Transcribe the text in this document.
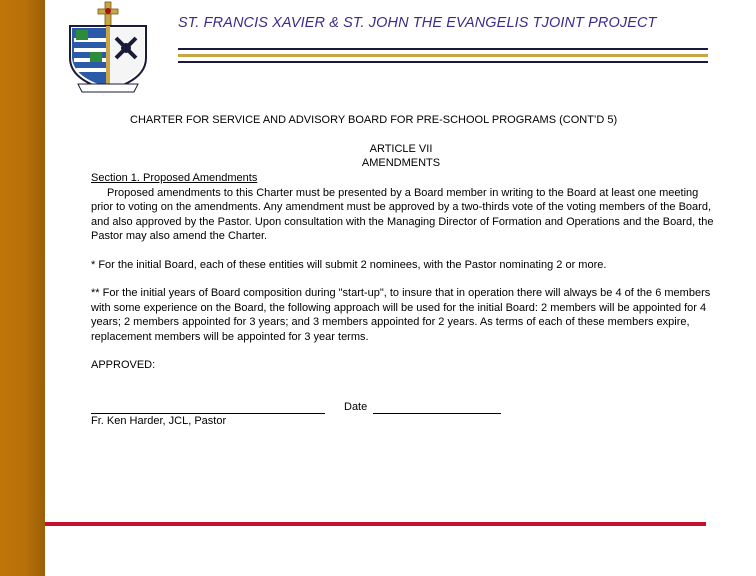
ST. FRANCIS XAVIER & ST. JOHN THE EVANGELIS TJOINT PROJECT
CHARTER FOR SERVICE AND ADVISORY BOARD FOR PRE-SCHOOL PROGRAMS (CONT’D 5)
ARTICLE VII
AMENDMENTS
Section 1. Proposed Amendments
Proposed amendments to this Charter must be presented by a Board member in writing to the Board at least one meeting prior to voting on the amendments. Any amendment must be approved by a two-thirds vote of the voting members of the Board, and also approved by the Pastor. Upon consultation with the Managing Director of Formation and Operations and the Board, the Pastor may also amend the Charter.
* For the initial Board, each of these entities will submit 2 nominees, with the Pastor nominating 2 or more.
** For the initial years of Board composition during "start-up", to insure that in operation there will always be 4 of the 6 members with some experience on the Board, the following approach will be used for the initial Board: 2 members will be appointed for 4 years; 2 members appointed for 3 years; and 3 members appointed for 2 years. As terms of each of these members expire, replacement members will be appointed for 3 year terms.
APPROVED:
Fr. Ken Harder, JCL, Pastor
Date
